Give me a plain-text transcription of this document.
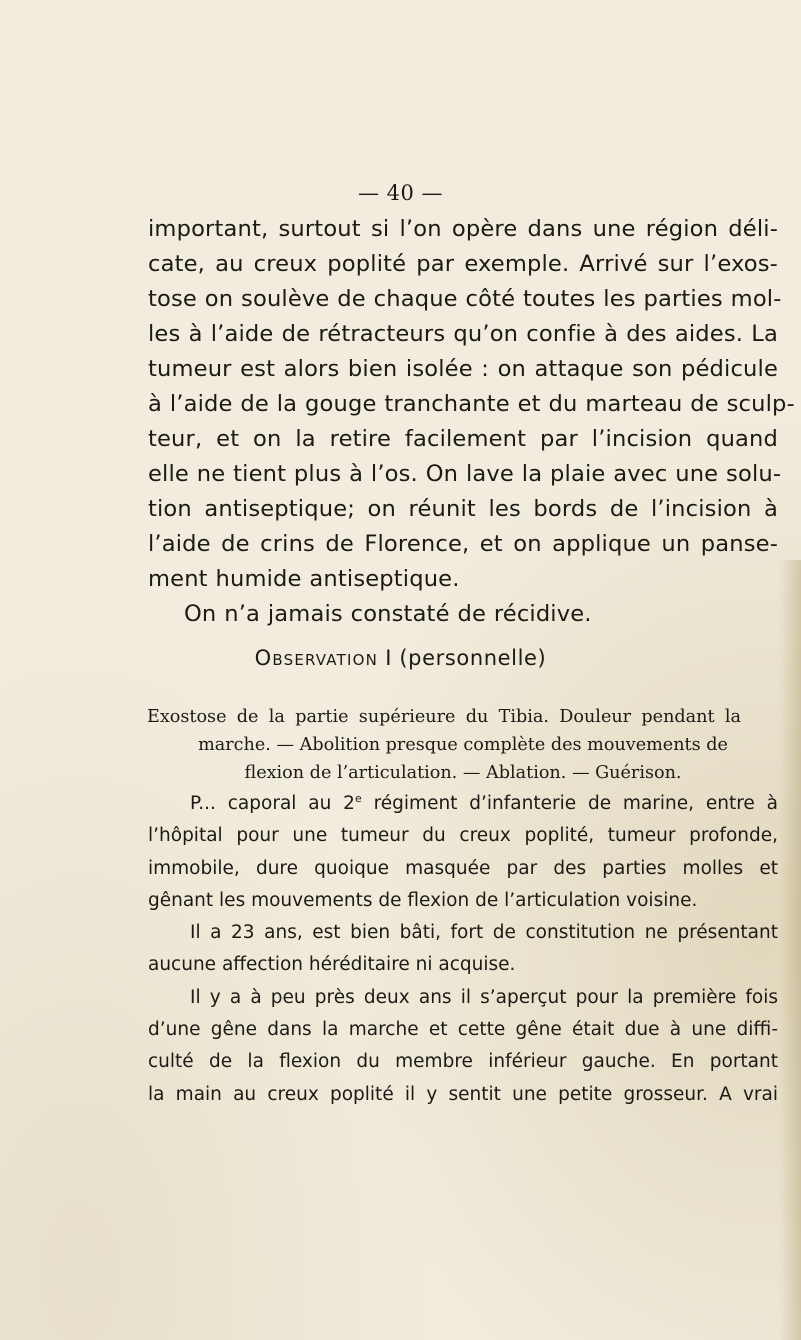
— 40 —
important, surtout si l’on opère dans une région déli-
cate, au creux poplité par exemple. Arrivé sur l’exos-
tose on soulève de chaque côté toutes les parties mol-
les à l’aide de rétracteurs qu’on confie à des aides. La
tumeur est alors bien isolée : on attaque son pédicule
à l’aide de la gouge tranchante et du marteau de sculp-
teur, et on la retire facilement par l’incision quand
elle ne tient plus à l’os. On lave la plaie avec une solu-
tion antiseptique; on réunit les bords de l’incision à
l’aide de crins de Florence, et on applique un panse-
ment humide antiseptique.
On n’a jamais constaté de récidive.
Observation I (personnelle)
Exostose de la partie supérieure du Tibia. Douleur pendant la
marche. — Abolition presque complète des mouvements de
flexion de l’articulation. — Ablation. — Guérison.
P... caporal au 2e régiment d’infanterie de marine, entre à
l’hôpital pour une tumeur du creux poplité, tumeur profonde,
immobile, dure quoique masquée par des parties molles et
gênant les mouvements de flexion de l’articulation voisine.
Il a 23 ans, est bien bâti, fort de constitution ne présentant
aucune affection héréditaire ni acquise.
Il y a à peu près deux ans il s’aperçut pour la première fois
d’une gêne dans la marche et cette gêne était due à une diffi-
culté de la flexion du membre inférieur gauche. En portant
la main au creux poplité il y sentit une petite grosseur. A vrai
